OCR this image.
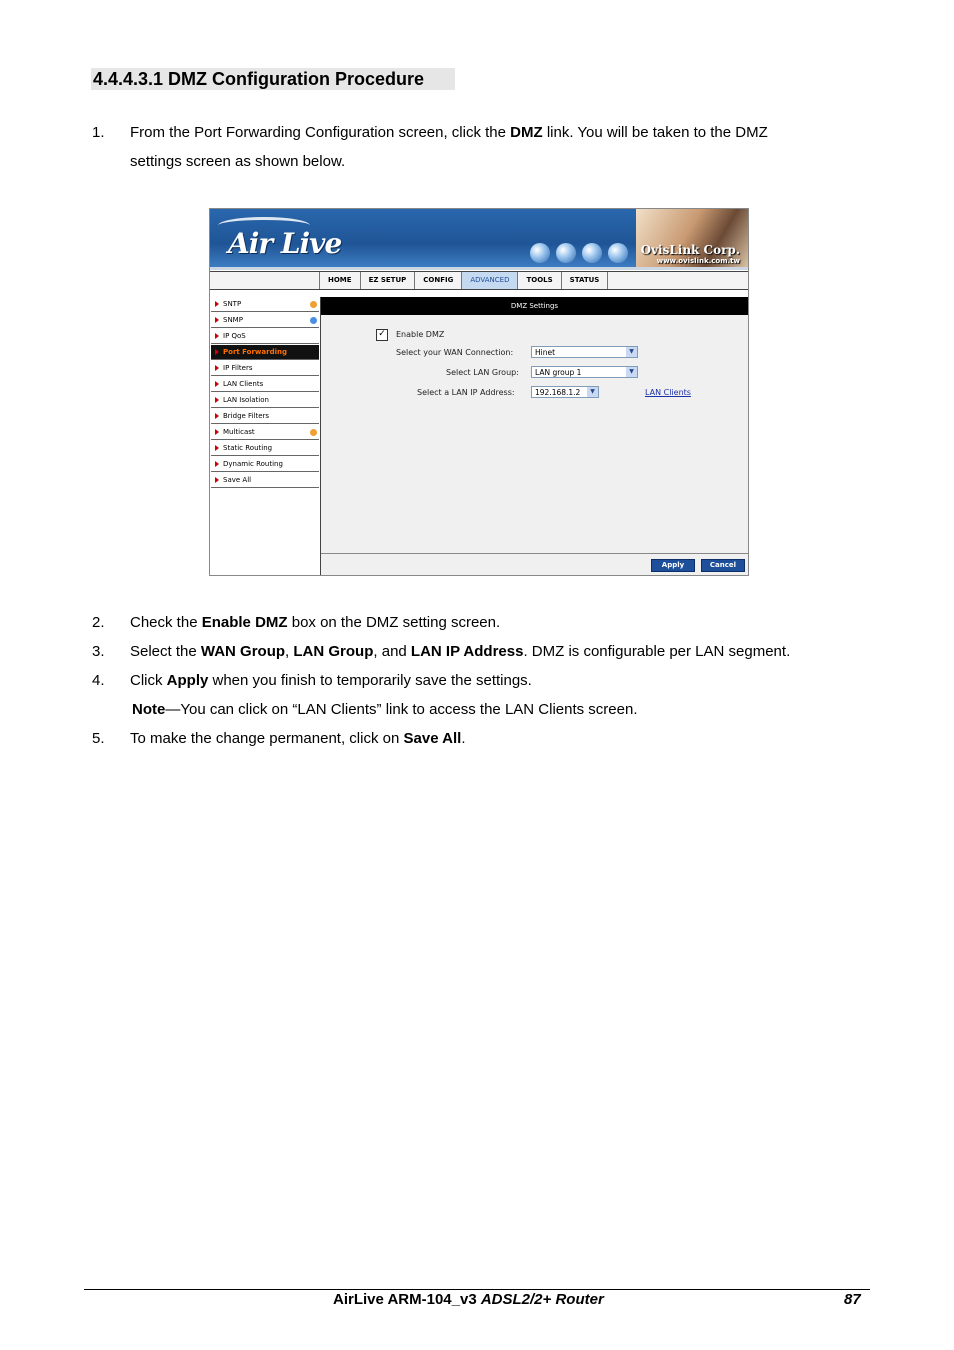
4.4.4.3.1 DMZ Configuration Procedure
1. From the Port Forwarding Configuration screen, click the DMZ link. You will be taken to the DMZ
settings screen as shown below.
Air Live	OvisLink Corp.
www.ovislink.com.tw
HOME	EZ SETUP	CONFIG	ADVANCED	TOOLS	STATUS
SNTP
SNMP
IP QoS
Port Forwarding
IP Filters
LAN Clients
LAN Isolation
Bridge Filters
Multicast
Static Routing
Dynamic Routing
Save All
DMZ Settings
✓ Enable DMZ
Select your WAN Connection:	Hinet	▼
Select LAN Group:	LAN group 1	▼
Select a LAN IP Address:	192.168.1.2	▼	LAN Clients
Apply	Cancel
2. Check the Enable DMZ box on the DMZ setting screen.
3. Select the WAN Group, LAN Group, and LAN IP Address. DMZ is configurable per LAN segment.
4. Click Apply when you finish to temporarily save the settings.
Note—You can click on “LAN Clients” link to access the LAN Clients screen.
5. To make the change permanent, click on Save All.
AirLive ARM-104_v3 ADSL2/2+ Router	87
